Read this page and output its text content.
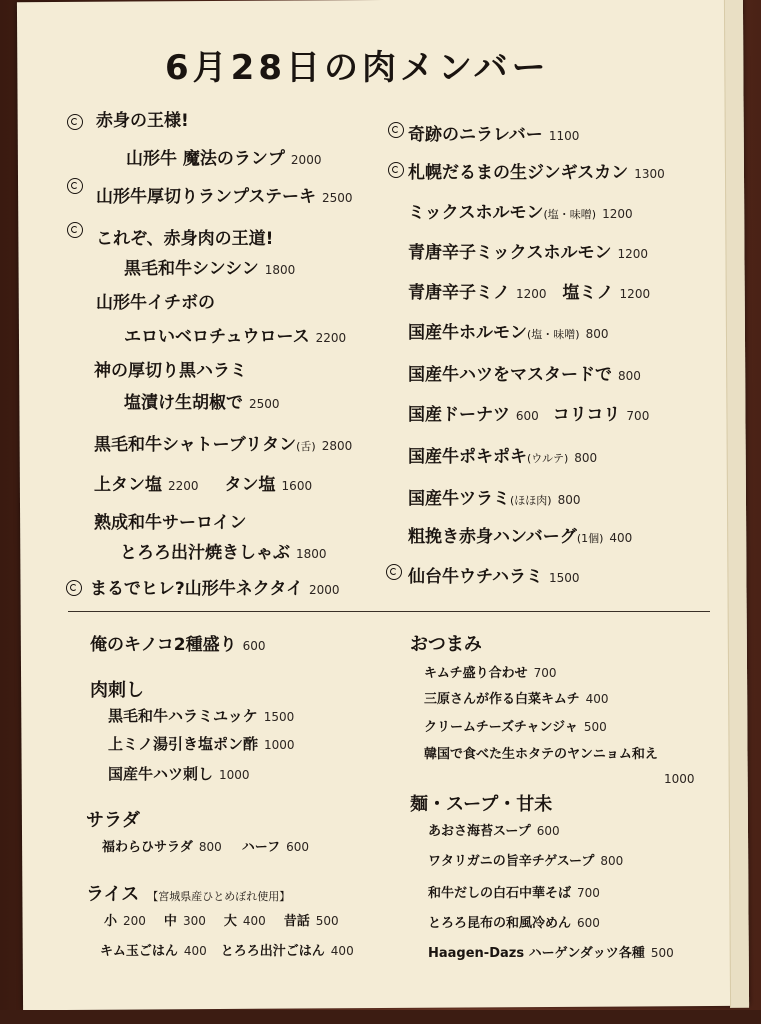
6月28日の肉メンバー
赤身の王様!
山形牛 魔法のランプ 2000
山形牛厚切りランプステーキ 2500
これぞ、赤身肉の王道!
黒毛和牛シンシン 1800
山形牛イチボの
エロいベロチュウロース 2200
神の厚切り黒ハラミ
塩漬け生胡椒で 2500
黒毛和牛シャトーブリタン(舌) 2800
上タン塩 2200 タン塩 1600
熟成和牛サーロイン
とろろ出汁焼きしゃぶ 1800
まるでヒレ?山形牛ネクタイ 2000
奇跡のニラレバー 1100
札幌だるまの生ジンギスカン 1300
ミックスホルモン(塩・味噌) 1200
青唐辛子ミックスホルモン 1200
青唐辛子ミノ 1200 塩ミノ 1200
国産牛ホルモン(塩・味噌) 800
国産牛ハツをマスタードで 800
国産ドーナツ 600 コリコリ 700
国産牛ポキポキ(ウルテ) 800
国産牛ツラミ(ほほ肉) 800
粗挽き赤身ハンバーグ(1個) 400
仙台牛ウチハラミ 1500
俺のキノコ2種盛り 600
肉刺し
黒毛和牛ハラミユッケ 1500
上ミノ湯引き塩ポン酢 1000
国産牛ハツ刺し 1000
サラダ
福わらひサラダ 800 ハーフ 600
ライス 【宮城県産ひとめぼれ使用】
小 200 中 300 大 400 昔話 500
キム玉ごはん 400 とろろ出汁ごはん 400
おつまみ
キムチ盛り合わせ 700
三原さんが作る白菜キムチ 400
クリームチーズチャンジャ 500
韓国で食べた生ホタテのヤンニョム和え
1000
麺・スープ・甘未
あおさ海苔スープ 600
ワタリガニの旨辛チゲスープ 800
和牛だしの白石中華そば 700
とろろ昆布の和風冷めん 600
Haagen-Dazs ハーゲンダッツ各種 500
